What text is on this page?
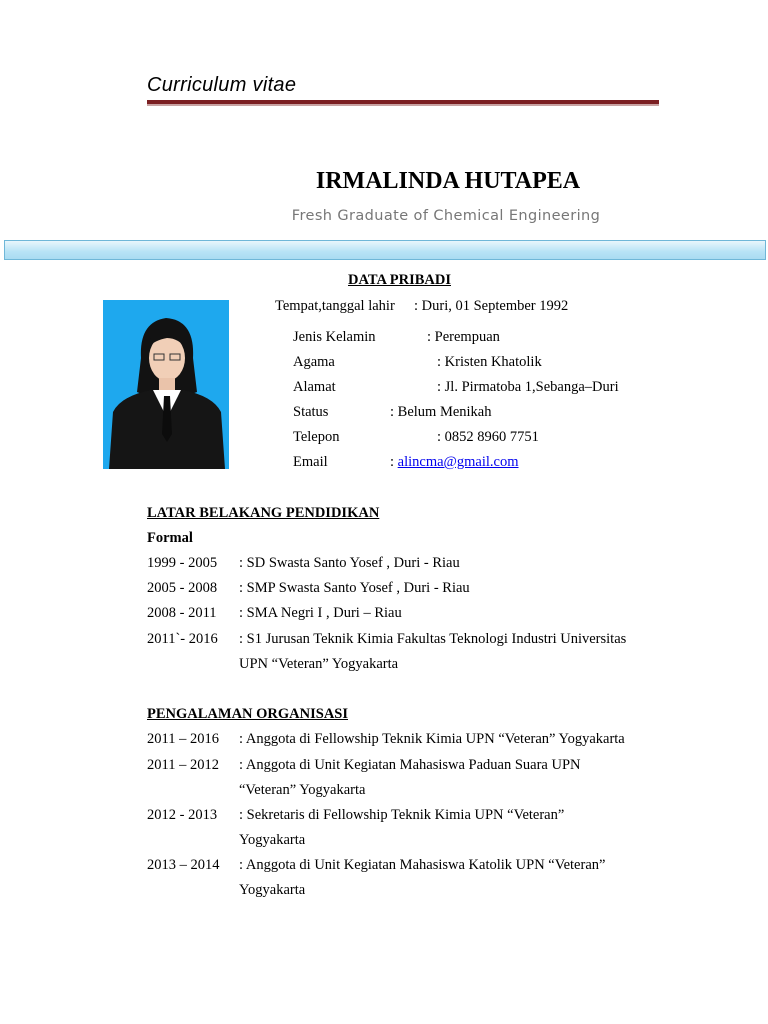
Curriculum vitae
IRMALINDA HUTAPEA
Fresh Graduate of Chemical Engineering
DATA PRIBADI
Tempat,tanggal lahir : Duri, 01 September 1992
Jenis Kelamin	: Perempuan
Agama	: Kristen Khatolik
Alamat	: Jl. Pirmatoba 1,Sebanga–Duri
Status	: Belum Menikah
Telepon	: 0852 8960 7751
Email	: alincma@gmail.com
LATAR BELAKANG PENDIDIKAN
Formal
1999 - 2005 : SD Swasta Santo Yosef , Duri - Riau
2005 - 2008 : SMP Swasta Santo Yosef , Duri - Riau
2008 - 2011 : SMA Negri I , Duri – Riau
2011`- 2016 : S1 Jurusan Teknik Kimia Fakultas Teknologi Industri Universitas
UPN “Veteran” Yogyakarta
PENGALAMAN ORGANISASI
2011 – 2016 : Anggota di Fellowship Teknik Kimia UPN “Veteran” Yogyakarta
2011 – 2012 : Anggota di Unit Kegiatan Mahasiswa Paduan Suara UPN
“Veteran” Yogyakarta
2012 - 2013 : Sekretaris di Fellowship Teknik Kimia UPN “Veteran”
Yogyakarta
2013 – 2014 : Anggota di Unit Kegiatan Mahasiswa Katolik UPN “Veteran”
Yogyakarta
